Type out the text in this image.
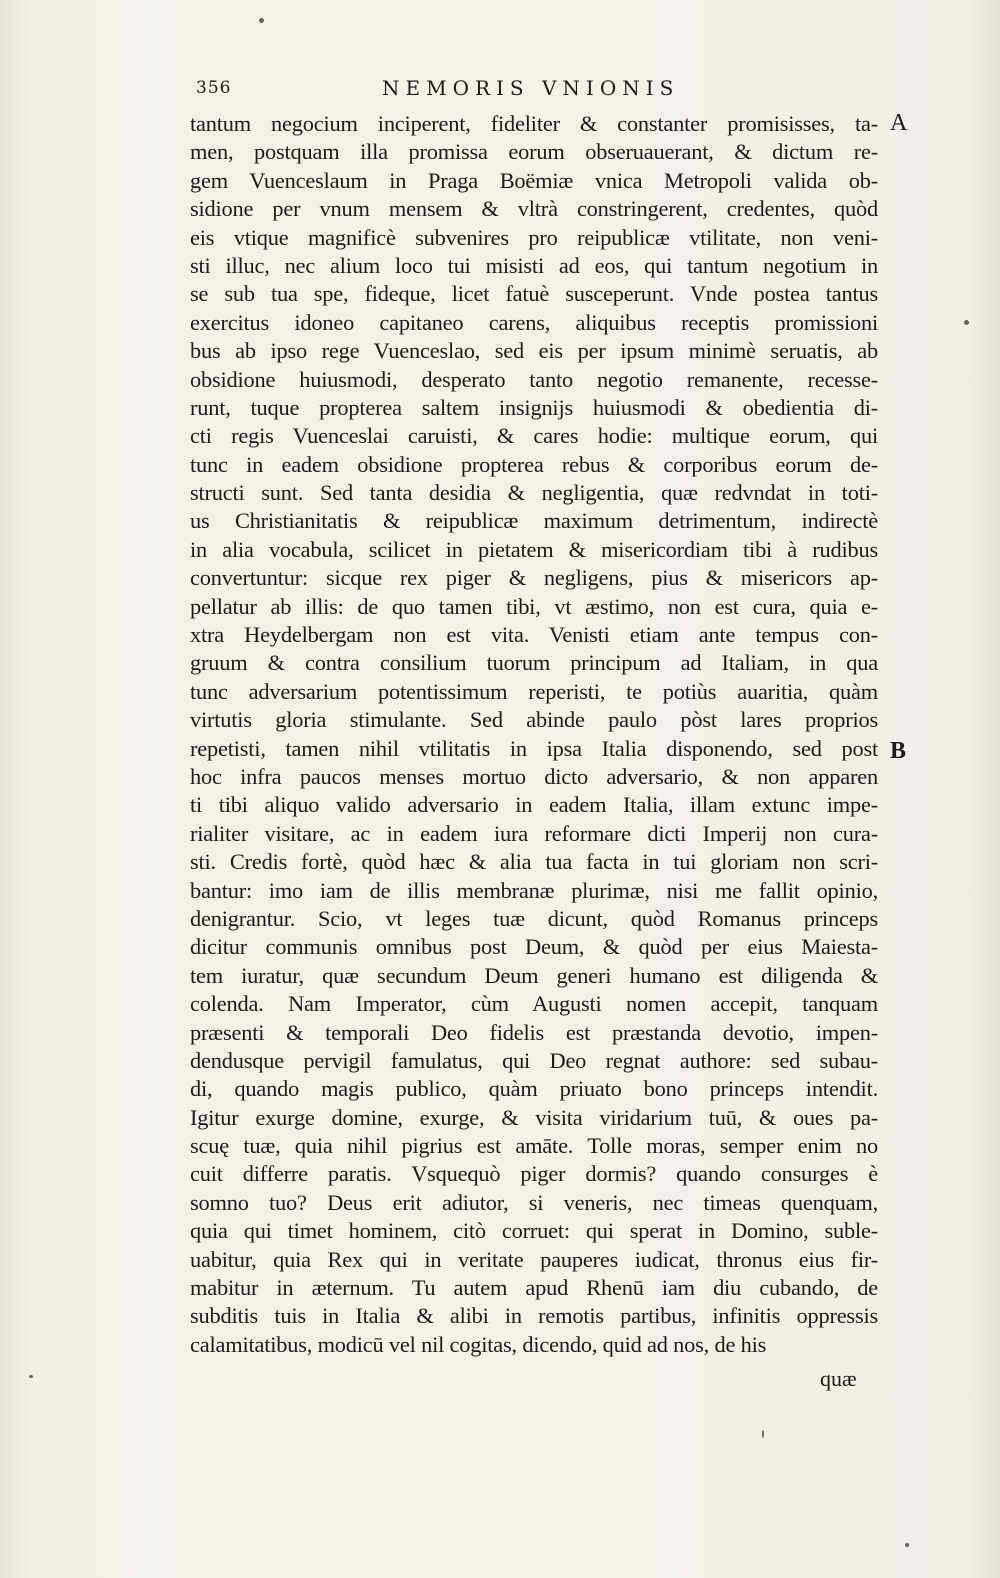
356	NEMORIS VNIONIS
A
B
tantum negocium inciperent, fideliter & constanter promisisses, ta-
men, postquam illa promissa eorum obseruauerant, & dictum re-
gem Vuenceslaum in Praga Boëmiæ vnica Metropoli valida ob-
sidione per vnum mensem & vltrà constringerent, credentes, quòd
eis vtique magnificè subvenires pro reipublicæ vtilitate, non veni-
sti illuc, nec alium loco tui misisti ad eos, qui tantum negotium in
se sub tua spe, fideque, licet fatuè susceperunt. Vnde postea tantus
exercitus idoneo capitaneo carens, aliquibus receptis promissioni
bus ab ipso rege Vuenceslao, sed eis per ipsum minimè seruatis, ab
obsidione huiusmodi, desperato tanto negotio remanente, recesse-
runt, tuque propterea saltem insignijs huiusmodi & obedientia di-
cti regis Vuenceslai caruisti, & cares hodie: multique eorum, qui
tunc in eadem obsidione propterea rebus & corporibus eorum de-
structi sunt. Sed tanta desidia & negligentia, quæ redvndat in toti-
us Christianitatis & reipublicæ maximum detrimentum, indirectè
in alia vocabula, scilicet in pietatem & misericordiam tibi à rudibus
convertuntur: sicque rex piger & negligens, pius & misericors ap-
pellatur ab illis: de quo tamen tibi, vt æstimo, non est cura, quia e-
xtra Heydelbergam non est vita. Venisti etiam ante tempus con-
gruum & contra consilium tuorum principum ad Italiam, in qua
tunc adversarium potentissimum reperisti, te potiùs auaritia, quàm
virtutis gloria stimulante. Sed abinde paulo pòst lares proprios
repetisti, tamen nihil vtilitatis in ipsa Italia disponendo, sed post
hoc infra paucos menses mortuo dicto adversario, & non apparen
ti tibi aliquo valido adversario in eadem Italia, illam extunc impe-
rialiter visitare, ac in eadem iura reformare dicti Imperij non cura-
sti. Credis fortè, quòd hæc & alia tua facta in tui gloriam non scri-
bantur: imo iam de illis membranæ plurimæ, nisi me fallit opinio,
denigrantur. Scio, vt leges tuæ dicunt, quòd Romanus princeps
dicitur communis omnibus post Deum, & quòd per eius Maiesta-
tem iuratur, quæ secundum Deum generi humano est diligenda &
colenda. Nam Imperator, cùm Augusti nomen accepit, tanquam
præsenti & temporali Deo fidelis est præstanda devotio, impen-
dendusque pervigil famulatus, qui Deo regnat authore: sed subau-
di, quando magis publico, quàm priuato bono princeps intendit.
Igitur exurge domine, exurge, & visita viridarium tuū, & oues pa-
scuę tuæ, quia nihil pigrius est amāte. Tolle moras, semper enim no
cuit differre paratis. Vsquequò piger dormis? quando consurges è
somno tuo? Deus erit adiutor, si veneris, nec timeas quenquam,
quia qui timet hominem, citò corruet: qui sperat in Domino, suble-
uabitur, quia Rex qui in veritate pauperes iudicat, thronus eius fir-
mabitur in æternum. Tu autem apud Rhenū iam diu cubando, de
subditis tuis in Italia & alibi in remotis partibus, infinitis oppressis
calamitatibus, modicū vel nil cogitas, dicendo, quid ad nos, de his
quæ
